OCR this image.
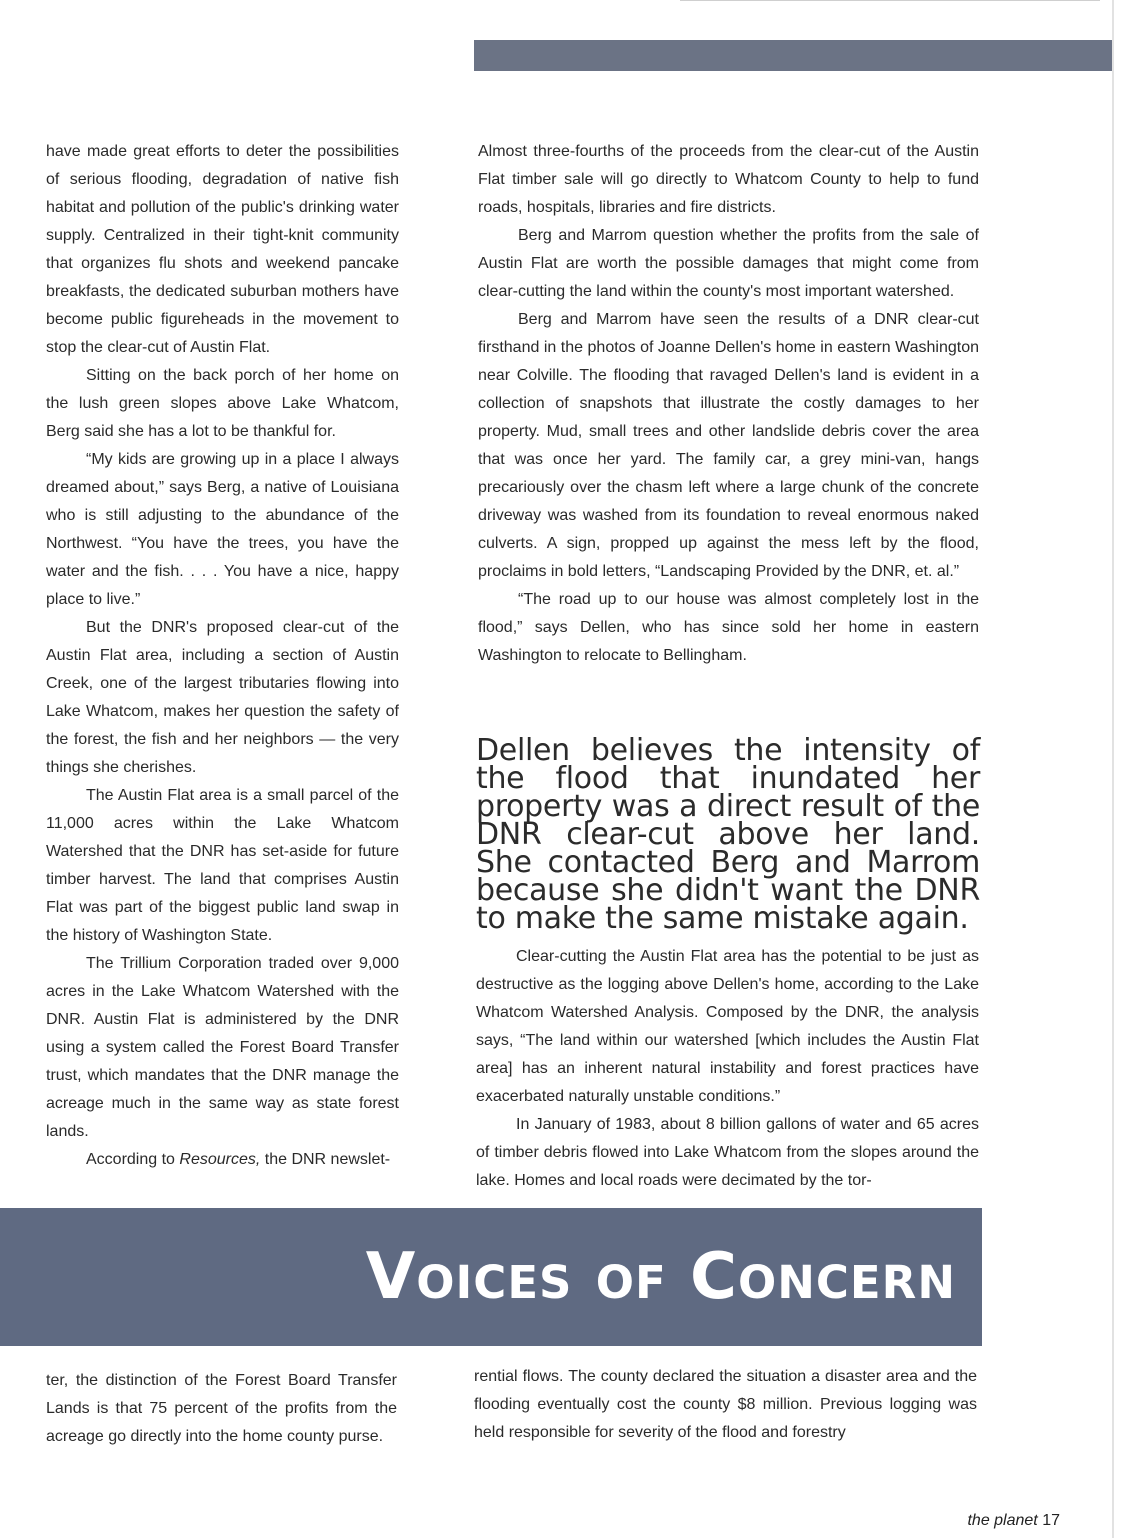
have made great efforts to deter the possibilities of serious flooding, degradation of native fish habitat and pollution of the public's drinking water supply. Centralized in their tight-knit community that organizes flu shots and weekend pancake breakfasts, the dedicated suburban mothers have become public figureheads in the movement to stop the clear-cut of Austin Flat.

Sitting on the back porch of her home on the lush green slopes above Lake Whatcom, Berg said she has a lot to be thankful for.

“My kids are growing up in a place I always dreamed about,” says Berg, a native of Louisiana who is still adjusting to the abundance of the Northwest. “You have the trees, you have the water and the fish. . . . You have a nice, happy place to live.”

But the DNR's proposed clear-cut of the Austin Flat area, including a section of Austin Creek, one of the largest tributaries flowing into Lake Whatcom, makes her question the safety of the forest, the fish and her neighbors — the very things she cherishes.

The Austin Flat area is a small parcel of the 11,000 acres within the Lake Whatcom Watershed that the DNR has set-aside for future timber harvest. The land that comprises Austin Flat was part of the biggest public land swap in the history of Washington State.

The Trillium Corporation traded over 9,000 acres in the Lake Whatcom Watershed with the DNR. Austin Flat is administered by the DNR using a system called the Forest Board Transfer trust, which mandates that the DNR manage the acreage much in the same way as state forest lands.

According to Resources, the DNR newslet-

Almost three-fourths of the proceeds from the clear-cut of the Austin Flat timber sale will go directly to Whatcom County to help to fund roads, hospitals, libraries and fire districts.

Berg and Marrom question whether the profits from the sale of Austin Flat are worth the possible damages that might come from clear-cutting the land within the county's most important watershed.

Berg and Marrom have seen the results of a DNR clear-cut firsthand in the photos of Joanne Dellen's home in eastern Washington near Colville. The flooding that ravaged Dellen's land is evident in a collection of snapshots that illustrate the costly damages to her property. Mud, small trees and other landslide debris cover the area that was once her yard. The family car, a grey mini-van, hangs precariously over the chasm left where a large chunk of the concrete driveway was washed from its foundation to reveal enormous naked culverts. A sign, propped up against the mess left by the flood, proclaims in bold letters, “Landscaping Provided by the DNR, et. al.”

“The road up to our house was almost completely lost in the flood,” says Dellen, who has since sold her home in eastern Washington to relocate to Bellingham.

Dellen believes the intensity of the flood that inundated her property was a direct result of the DNR clear-cut above her land. She contacted Berg and Marrom because she didn't want the DNR to make the same mistake again.

Clear-cutting the Austin Flat area has the potential to be just as destructive as the logging above Dellen's home, according to the Lake Whatcom Watershed Analysis. Composed by the DNR, the analysis says, “The land within our watershed [which includes the Austin Flat area] has an inherent natural instability and forest practices have exacerbated naturally unstable conditions.”

In January of 1983, about 8 billion gallons of water and 65 acres of timber debris flowed into Lake Whatcom from the slopes around the lake. Homes and local roads were decimated by the tor-

Voices of Concern

ter, the distinction of the Forest Board Transfer Lands is that 75 percent of the profits from the acreage go directly into the home county purse.

rential flows. The county declared the situation a disaster area and the flooding eventually cost the county $8 million. Previous logging was held responsible for severity of the flood and forestry

the planet 17
